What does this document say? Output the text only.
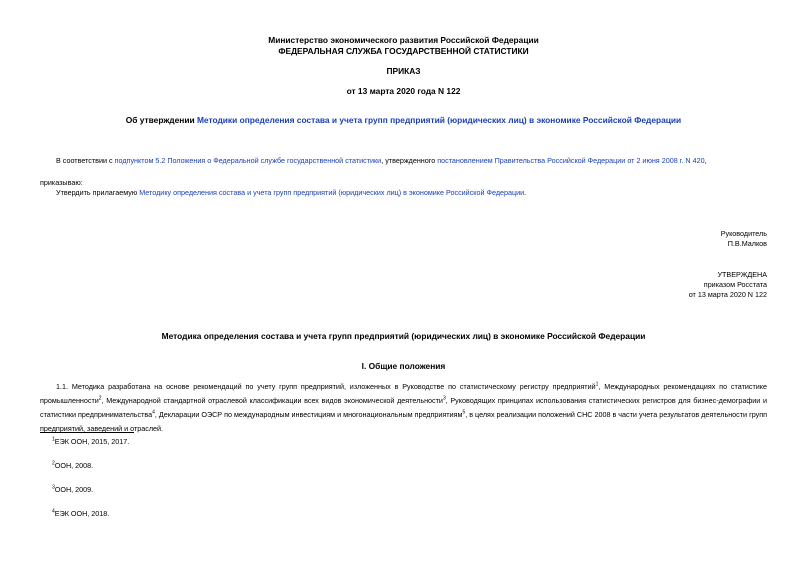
Министерство экономического развития Российской Федерации
ФЕДЕРАЛЬНАЯ СЛУЖБА ГОСУДАРСТВЕННОЙ СТАТИСТИКИ
ПРИКАЗ
от 13 марта 2020 года N 122
Об утверждении Методики определения состава и учета групп предприятий (юридических лиц) в экономике Российской Федерации
В соответствии с подпунктом 5.2 Положения о Федеральной службе государственной статистики, утвержденного постановлением Правительства Российской Федерации от 2 июня 2008 г. N 420,
приказываю:
Утвердить прилагаемую Методику определения состава и учета групп предприятий (юридических лиц) в экономике Российской Федерации.
Руководитель
П.В.Малков
УТВЕРЖДЕНА
приказом Росстата
от 13 марта 2020 N 122
Методика определения состава и учета групп предприятий (юридических лиц) в экономике Российской Федерации
I. Общие положения
1.1. Методика разработана на основе рекомендаций по учету групп предприятий, изложенных в Руководстве по статистическому регистру предприятий$^1$, Международных рекомендациях по статистике промышленности$^2$, Международной стандартной отраслевой классификации всех видов экономической деятельности$^3$, Руководящих принципах использования статистических регистров для бизнес-демографии и статистики предпринимательства$^4$, Декларации ОЭСР по международным инвестициям и многонациональным предприятиям$^5$, в целях реализации положений СНС 2008 в части учета результатов деятельности групп предприятий, заведений и отраслей.
$^1$ЕЭК ООН, 2015, 2017.
$^2$ООН, 2008.
$^3$ООН, 2009.
$^4$ЕЭК ООН, 2018.
